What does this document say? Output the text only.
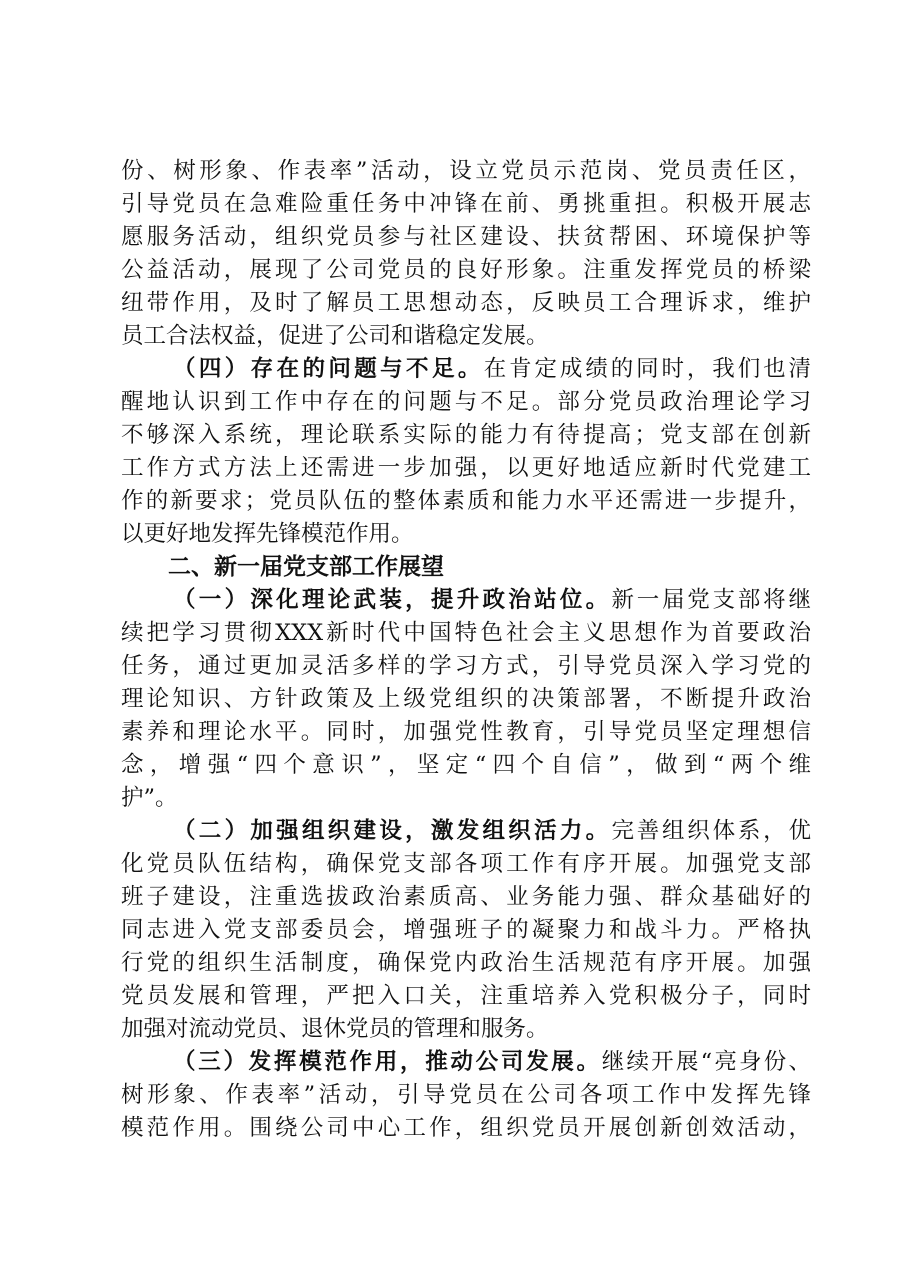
份、树形象、作表率”活动，设立党员示范岗、党员责任区，
引导党员在急难险重任务中冲锋在前、勇挑重担。积极开展志
愿服务活动，组织党员参与社区建设、扶贫帮困、环境保护等
公益活动，展现了公司党员的良好形象。注重发挥党员的桥梁
纽带作用，及时了解员工思想动态，反映员工合理诉求，维护
员工合法权益，促进了公司和谐稳定发展。
（四）存在的问题与不足。在肯定成绩的同时，我们也清
醒地认识到工作中存在的问题与不足。部分党员政治理论学习
不够深入系统，理论联系实际的能力有待提高；党支部在创新
工作方式方法上还需进一步加强，以更好地适应新时代党建工
作的新要求；党员队伍的整体素质和能力水平还需进一步提升，
以更好地发挥先锋模范作用。
二、新一届党支部工作展望
（一）深化理论武装，提升政治站位。新一届党支部将继
续把学习贯彻XXX新时代中国特色社会主义思想作为首要政治
任务，通过更加灵活多样的学习方式，引导党员深入学习党的
理论知识、方针政策及上级党组织的决策部署，不断提升政治
素养和理论水平。同时，加强党性教育，引导党员坚定理想信
念，增强“四个意识”，坚定“四个自信”，做到“两个维
护”。
（二）加强组织建设，激发组织活力。完善组织体系，优
化党员队伍结构，确保党支部各项工作有序开展。加强党支部
班子建设，注重选拔政治素质高、业务能力强、群众基础好的
同志进入党支部委员会，增强班子的凝聚力和战斗力。严格执
行党的组织生活制度，确保党内政治生活规范有序开展。加强
党员发展和管理，严把入口关，注重培养入党积极分子，同时
加强对流动党员、退休党员的管理和服务。
（三）发挥模范作用，推动公司发展。继续开展“亮身份、
树形象、作表率”活动，引导党员在公司各项工作中发挥先锋
模范作用。围绕公司中心工作，组织党员开展创新创效活动，
